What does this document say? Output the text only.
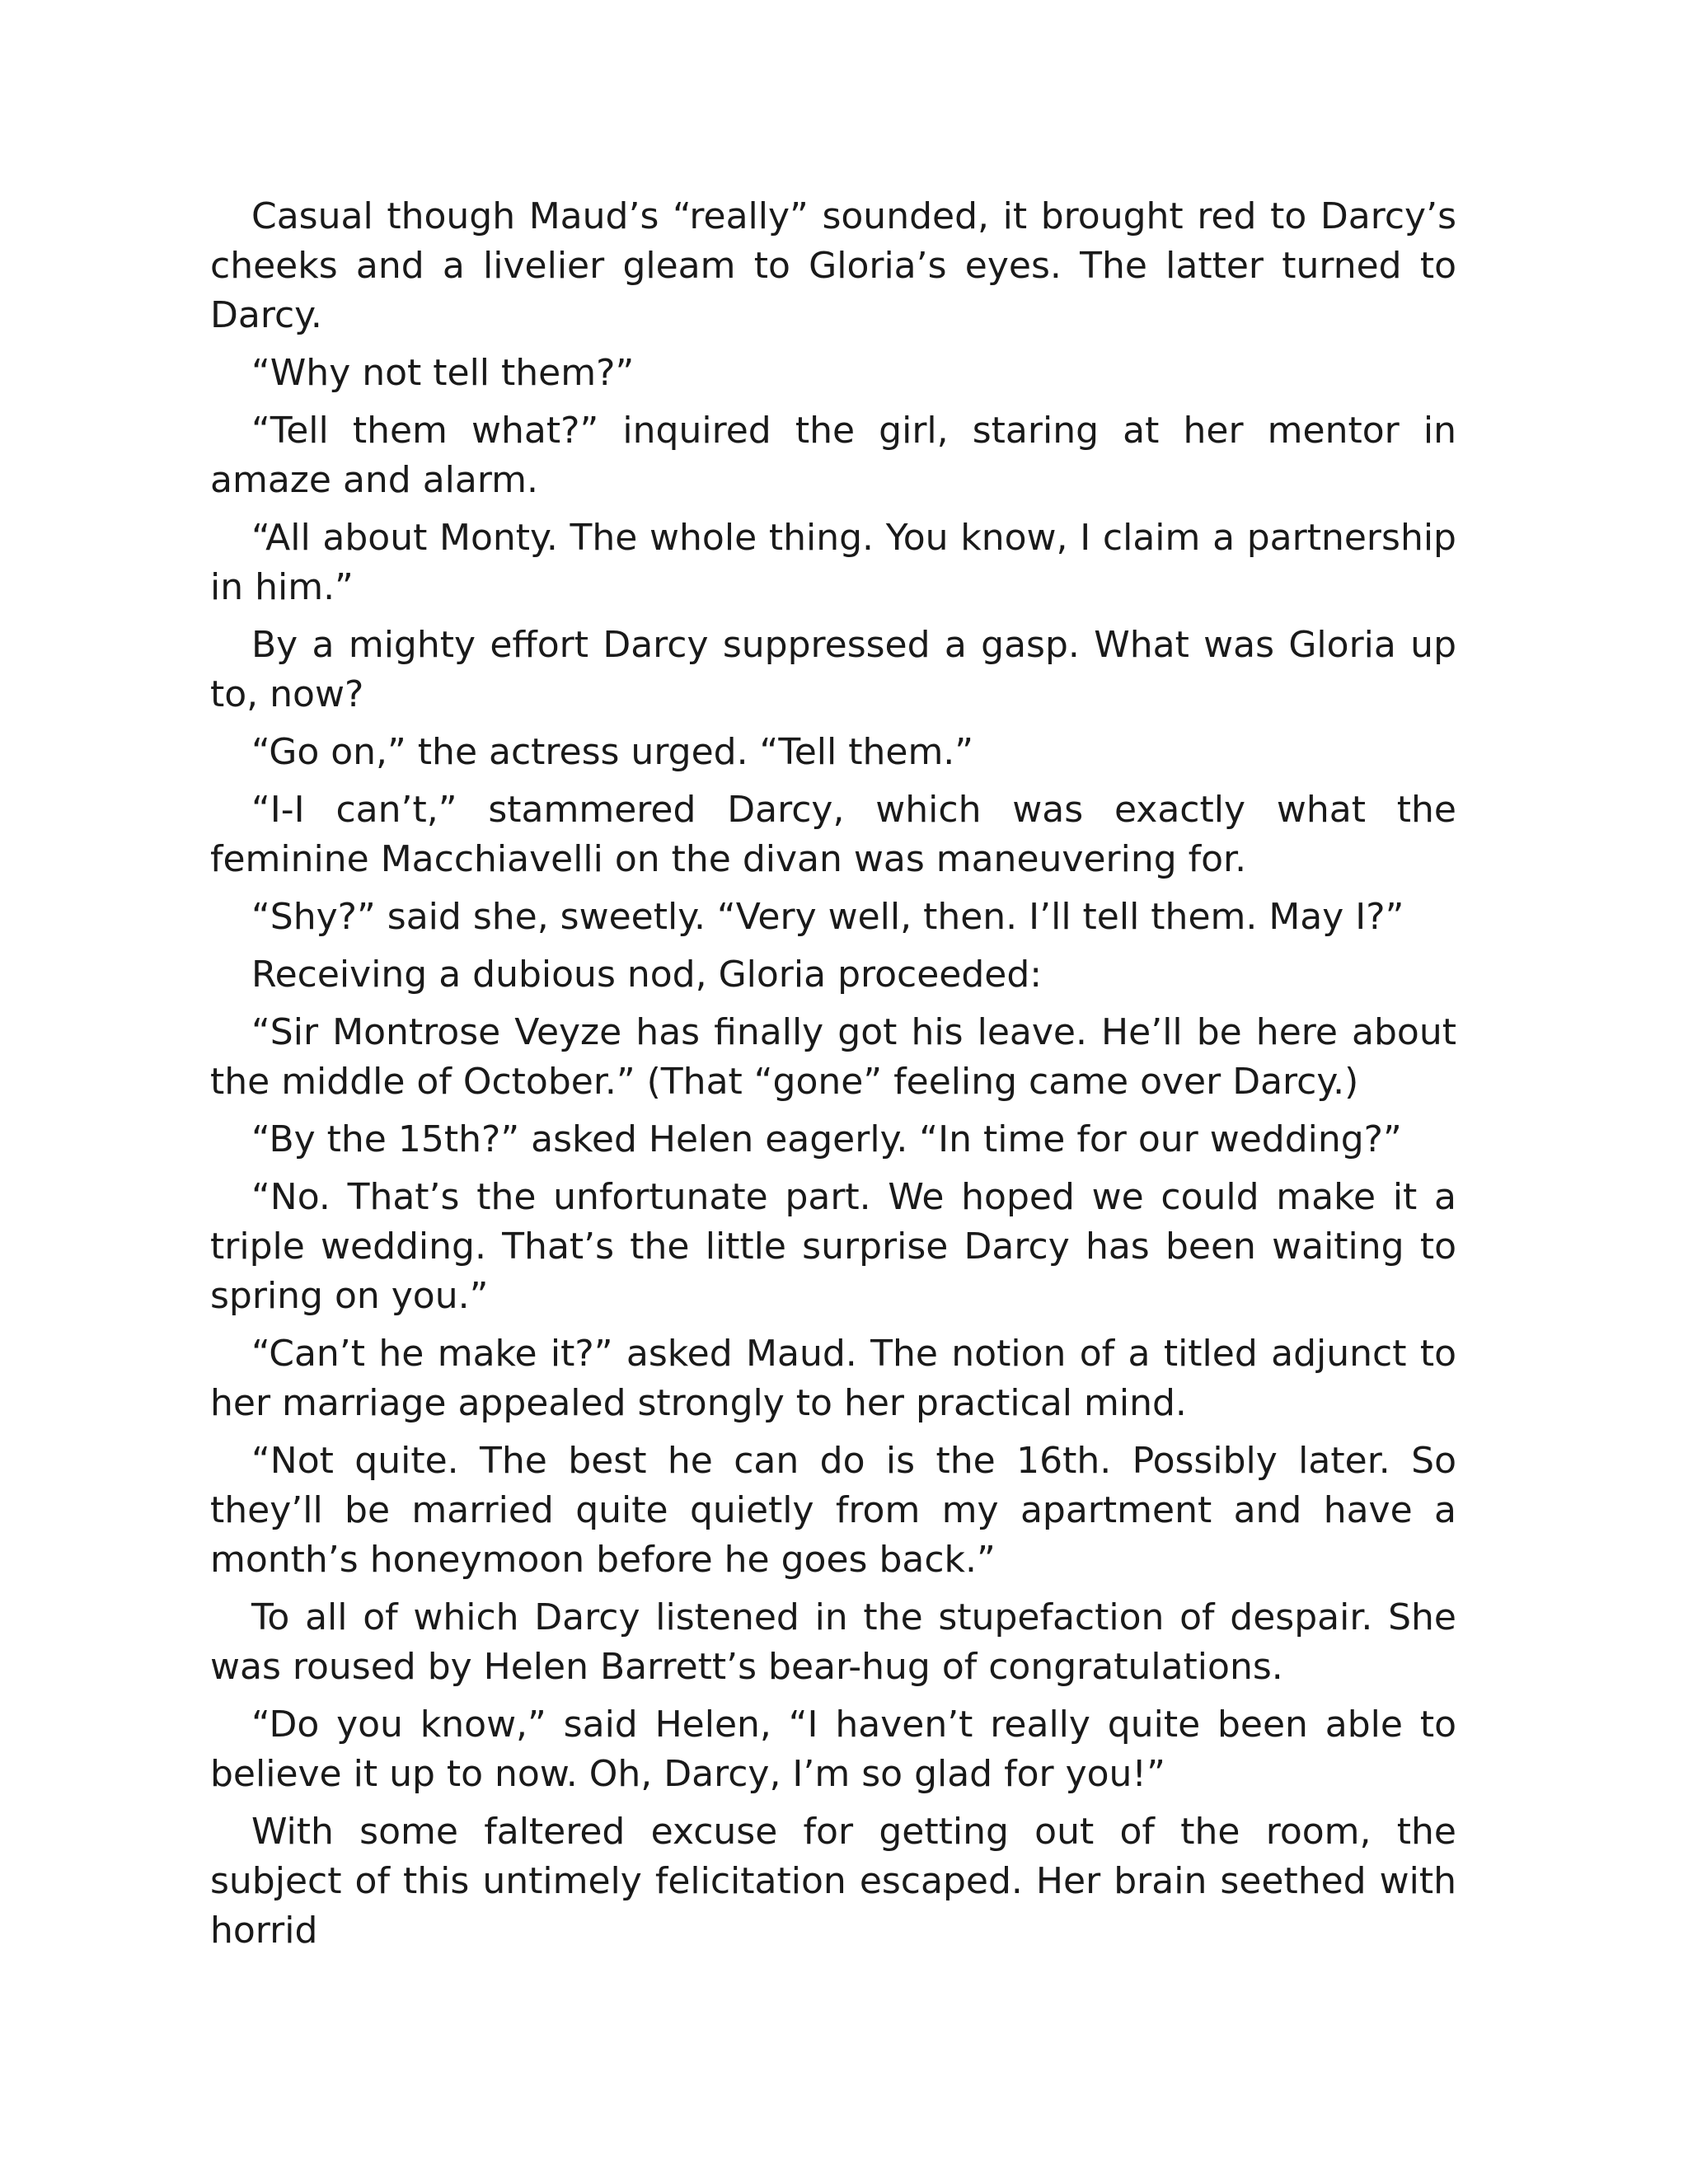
Casual though Maud’s “really” sounded, it brought red to Darcy’s cheeks and a livelier gleam to Gloria’s eyes. The latter turned to Darcy.

“Why not tell them?”

“Tell them what?” inquired the girl, staring at her mentor in amaze and alarm.

“All about Monty. The whole thing. You know, I claim a partnership in him.”

By a mighty effort Darcy suppressed a gasp. What was Gloria up to, now?

“Go on,” the actress urged. “Tell them.”

“I-I can’t,” stammered Darcy, which was exactly what the feminine Macchiavelli on the divan was maneuvering for.

“Shy?” said she, sweetly. “Very well, then. I’ll tell them. May I?”

Receiving a dubious nod, Gloria proceeded:

“Sir Montrose Veyze has finally got his leave. He’ll be here about the middle of October.” (That “gone” feeling came over Darcy.)

“By the 15th?” asked Helen eagerly. “In time for our wedding?”

“No. That’s the unfortunate part. We hoped we could make it a triple wedding. That’s the little surprise Darcy has been waiting to spring on you.”

“Can’t he make it?” asked Maud. The notion of a titled adjunct to her marriage appealed strongly to her practical mind.

“Not quite. The best he can do is the 16th. Possibly later. So they’ll be married quite quietly from my apartment and have a month’s honeymoon before he goes back.”

To all of which Darcy listened in the stupefaction of despair. She was roused by Helen Barrett’s bear-hug of congratulations.

“Do you know,” said Helen, “I haven’t really quite been able to believe it up to now. Oh, Darcy, I’m so glad for you!”

With some faltered excuse for getting out of the room, the subject of this untimely felicitation escaped. Her brain seethed with horrid
